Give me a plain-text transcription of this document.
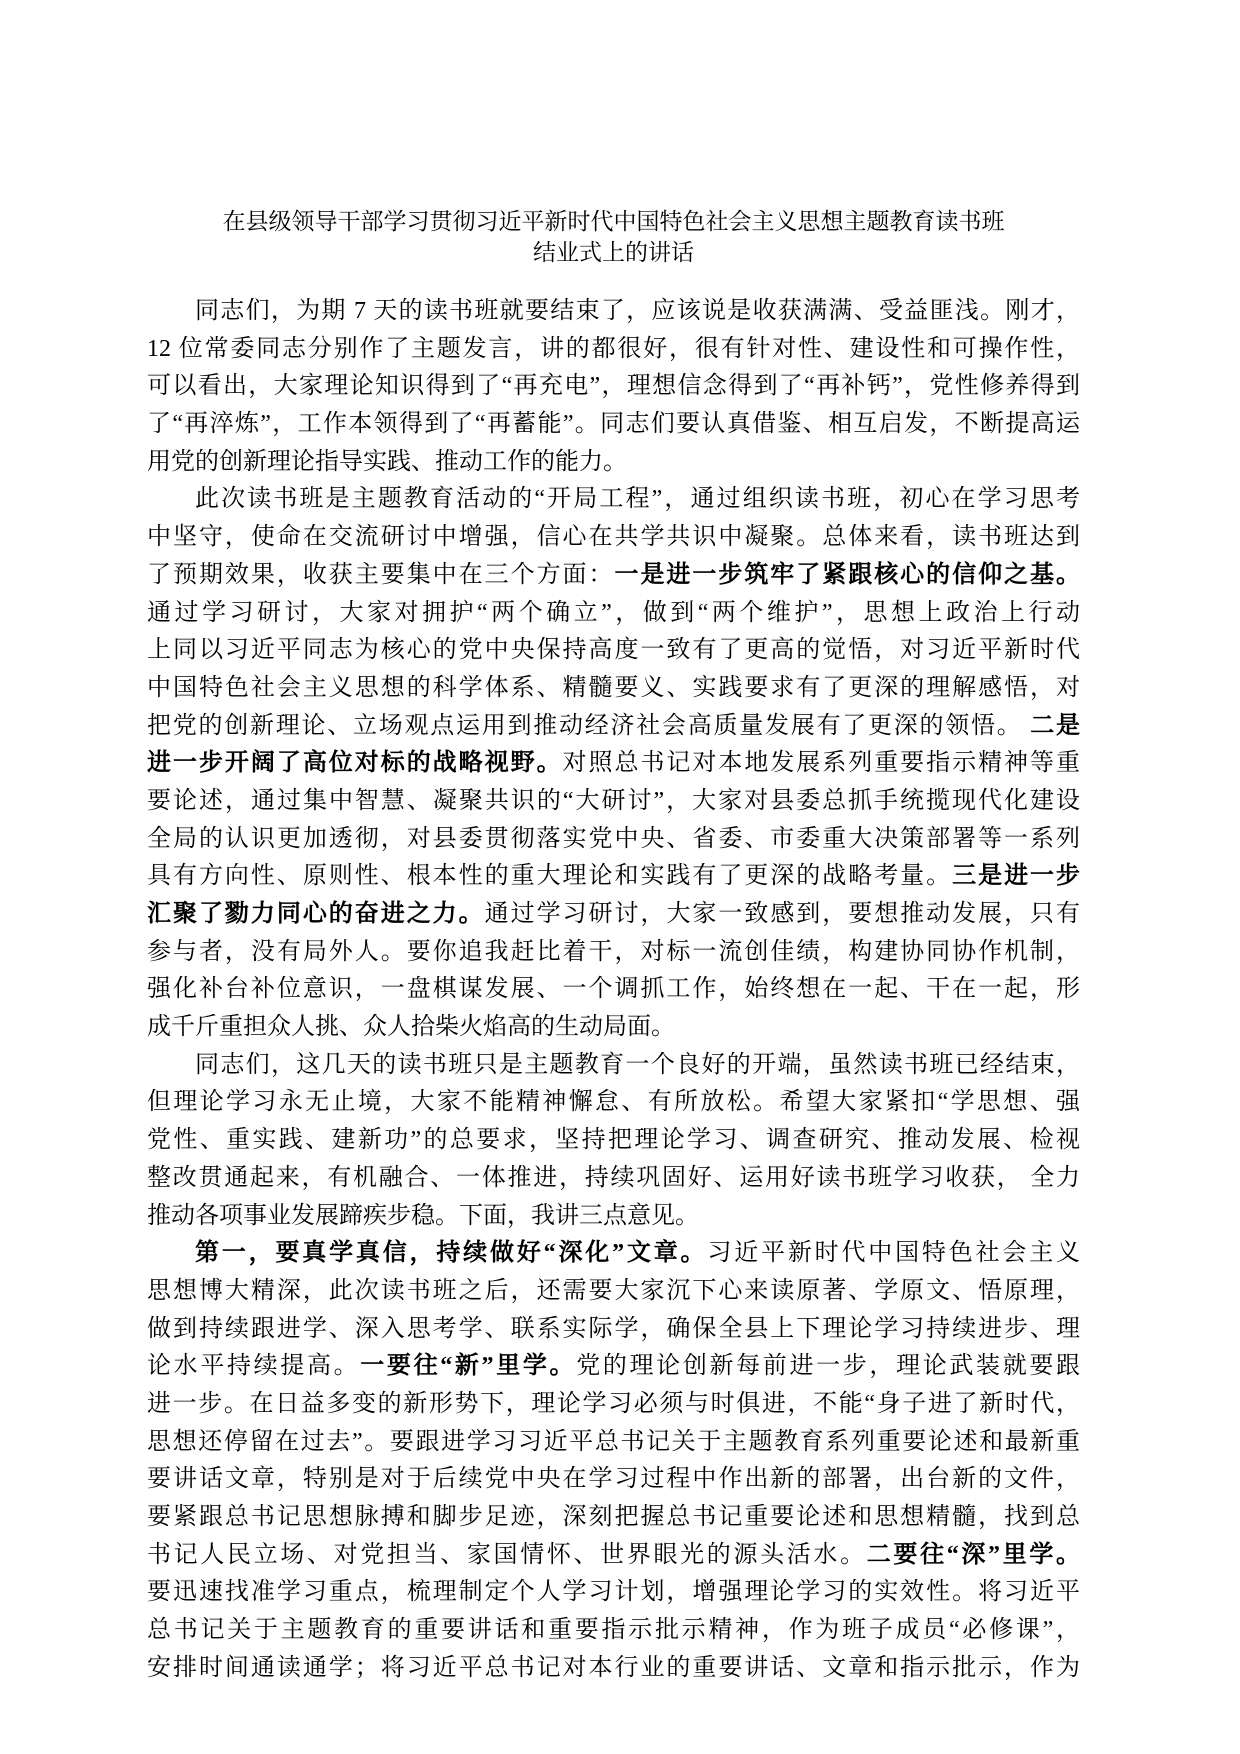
在县级领导干部学习贯彻习近平新时代中国特色社会主义思想主题教育读书班
结业式上的讲话
同志们，为期 7 天的读书班就要结束了，应该说是收获满满、受益匪浅。刚才，
12 位常委同志分别作了主题发言，讲的都很好，很有针对性、建设性和可操作性，
可以看出，大家理论知识得到了“再充电”，理想信念得到了“再补钙”，党性修养得到
了“再淬炼”，工作本领得到了“再蓄能”。同志们要认真借鉴、相互启发，不断提高运
用党的创新理论指导实践、推动工作的能力。
此次读书班是主题教育活动的“开局工程”，通过组织读书班，初心在学习思考
中坚守，使命在交流研讨中增强，信心在共学共识中凝聚。总体来看，读书班达到
了预期效果，收获主要集中在三个方面：一是进一步筑牢了紧跟核心的信仰之基。
通过学习研讨，大家对拥护“两个确立”，做到“两个维护”，思想上政治上行动
上同以习近平同志为核心的党中央保持高度一致有了更高的觉悟，对习近平新时代
中国特色社会主义思想的科学体系、精髓要义、实践要求有了更深的理解感悟，对
把党的创新理论、立场观点运用到推动经济社会高质量发展有了更深的领悟。 二是
进一步开阔了高位对标的战略视野。对照总书记对本地发展系列重要指示精神等重
要论述，通过集中智慧、凝聚共识的“大研讨”，大家对县委总抓手统揽现代化建设
全局的认识更加透彻，对县委贯彻落实党中央、省委、市委重大决策部署等一系列
具有方向性、原则性、根本性的重大理论和实践有了更深的战略考量。三是进一步
汇聚了勠力同心的奋进之力。通过学习研讨，大家一致感到，要想推动发展，只有
参与者，没有局外人。要你追我赶比着干，对标一流创佳绩，构建协同协作机制，
强化补台补位意识，一盘棋谋发展、一个调抓工作，始终想在一起、干在一起，形
成千斤重担众人挑、众人拾柴火焰高的生动局面。
同志们，这几天的读书班只是主题教育一个良好的开端，虽然读书班已经结束，
但理论学习永无止境，大家不能精神懈怠、有所放松。希望大家紧扣“学思想、强
党性、重实践、建新功”的总要求，坚持把理论学习、调查研究、推动发展、检视
整改贯通起来，有机融合、一体推进，持续巩固好、运用好读书班学习收获， 全力
推动各项事业发展蹄疾步稳。下面，我讲三点意见。
第一，要真学真信，持续做好“深化”文章。习近平新时代中国特色社会主义
思想博大精深，此次读书班之后，还需要大家沉下心来读原著、学原文、悟原理，
做到持续跟进学、深入思考学、联系实际学，确保全县上下理论学习持续进步、理
论水平持续提高。一要往“新”里学。党的理论创新每前进一步，理论武装就要跟
进一步。在日益多变的新形势下，理论学习必须与时俱进，不能“身子进了新时代，
思想还停留在过去”。要跟进学习习近平总书记关于主题教育系列重要论述和最新重
要讲话文章，特别是对于后续党中央在学习过程中作出新的部署，出台新的文件，
要紧跟总书记思想脉搏和脚步足迹，深刻把握总书记重要论述和思想精髓，找到总
书记人民立场、对党担当、家国情怀、世界眼光的源头活水。二要往“深”里学。
要迅速找准学习重点，梳理制定个人学习计划，增强理论学习的实效性。将习近平
总书记关于主题教育的重要讲话和重要指示批示精神，作为班子成员“必修课”，
安排时间通读通学；将习近平总书记对本行业的重要讲话、文章和指示批示，作为
